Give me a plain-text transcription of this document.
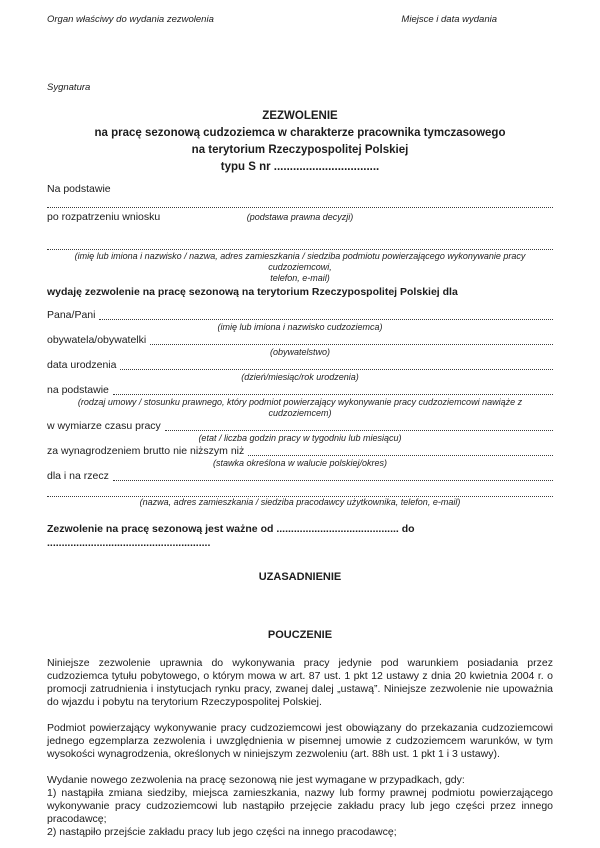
Organ właściwy do wydania zezwolenia	Miejsce i data wydania
Sygnatura
ZEZWOLENIE
na pracę sezonową cudzoziemca w charakterze pracownika tymczasowego
na terytorium Rzeczypospolitej Polskiej
typu S nr .................................
Na podstawie
po rozpatrzeniu wniosku	(podstawa prawna decyzji)
(imię lub imiona i nazwisko / nazwa, adres zamieszkania / siedziba podmiotu powierzającego wykonywanie pracy cudzoziemcowi,
telefon, e-mail)
wydaję zezwolenie na pracę sezonową na terytorium Rzeczypospolitej Polskiej dla
Pana/Pani
(imię lub imiona i nazwisko cudzoziemca)
obywatela/obywatelki
(obywatelstwo)
data urodzenia
(dzień/miesiąc/rok urodzenia)
na podstawie
(rodzaj umowy / stosunku prawnego, który podmiot powierzający wykonywanie pracy cudzoziemcowi nawiąże z cudzoziemcem)
w wymiarze czasu pracy
(etat / liczba godzin pracy w tygodniu lub miesiącu)
za wynagrodzeniem brutto nie niższym niż
(stawka określona w walucie polskiej/okres)
dla i na rzecz
(nazwa, adres zamieszkania / siedziba pracodawcy użytkownika, telefon, e-mail)
Zezwolenie na pracę sezonową jest ważne od .......................................... do ........................................................
UZASADNIENIE
POUCZENIE
Niniejsze zezwolenie uprawnia do wykonywania pracy jedynie pod warunkiem posiadania przez cudzoziemca tytułu pobytowego, o którym mowa w art. 87 ust. 1 pkt 12 ustawy z dnia 20 kwietnia 2004 r. o promocji zatrudnienia i instytucjach rynku pracy, zwanej dalej „ustawą”. Niniejsze zezwolenie nie upoważnia do wjazdu i pobytu na terytorium Rzeczypospolitej Polskiej.
Podmiot powierzający wykonywanie pracy cudzoziemcowi jest obowiązany do przekazania cudzoziemcowi jednego egzemplarza zezwolenia i uwzględnienia w pisemnej umowie z cudzoziemcem warunków, w tym wysokości wynagrodzenia, określonych w niniejszym zezwoleniu (art. 88h ust. 1 pkt 1 i 3 ustawy).
Wydanie nowego zezwolenia na pracę sezonową nie jest wymagane w przypadkach, gdy:
1) nastąpiła zmiana siedziby, miejsca zamieszkania, nazwy lub formy prawnej podmiotu powierzającego wykonywanie pracy cudzoziemcowi lub nastąpiło przejęcie zakładu pracy lub jego części przez innego pracodawcę;
2) nastąpiło przejście zakładu pracy lub jego części na innego pracodawcę;
